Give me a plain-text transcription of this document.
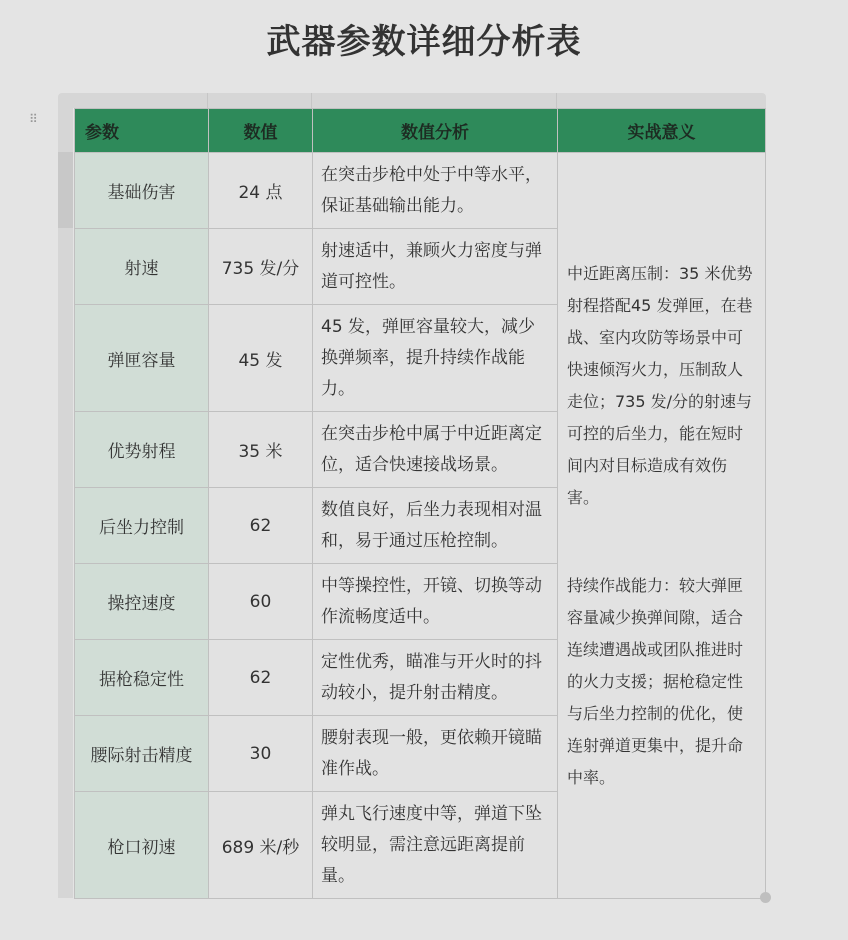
武器参数详细分析表
⠿
参数	数值	数值分析	实战意义
基础伤害	24 点	在突击步枪中处于中等水平，保证基础输出能力。	中近距离压制：35 米优势射程搭配45 发弹匣，在巷战、室内攻防等场景中可快速倾泻火力，压制敌人走位；735 发/分的射速与可控的后坐力，能在短时间内对目标造成有效伤害。
持续作战能力：较大弹匣容量减少换弹间隙，适合连续遭遇战或团队推进时的火力支援；据枪稳定性与后坐力控制的优化，使连射弹道更集中，提升命中率。

射速	735 发/分	射速适中，兼顾火力密度与弹道可控性。	
弹匣容量	45 发	45 发，弹匣容量较大，减少换弹频率，提升持续作战能力。	
优势射程	35 米	在突击步枪中属于中近距离定位，适合快速接战场景。	
后坐力控制	62	数值良好，后坐力表现相对温和，易于通过压枪控制。	
操控速度	60	中等操控性，开镜、切换等动作流畅度适中。	
据枪稳定性	62	定性优秀，瞄准与开火时的抖动较小，提升射击精度。	
腰际射击精度	30	腰射表现一般，更依赖开镜瞄准作战。	
枪口初速	689 米/秒	弹丸飞行速度中等，弹道下坠较明显，需注意远距离提前量。	
